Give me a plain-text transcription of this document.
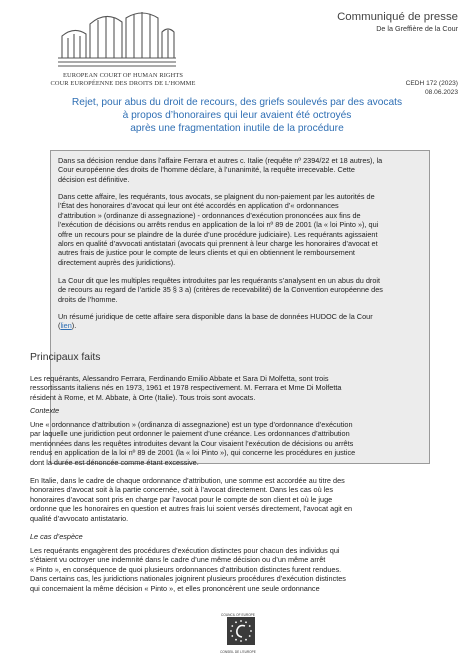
EUROPEAN COURT OF HUMAN RIGHTS
COUR EUROPÉENNE DES DROITS DE L’HOMME
Communiqué de presse
De la Greffière de la Cour
CEDH 172 (2023)
08.06.2023
Rejet, pour abus du droit de recours, des griefs soulevés par des avocats
à propos d’honoraires qui leur avaient été octroyés
après une fragmentation inutile de la procédure
Dans sa décision rendue dans l’affaire Ferrara et autres c. Italie (requête nº 2394/22 et 18 autres), la
Cour européenne des droits de l’homme déclare, à l’unanimité, la requête irrecevable. Cette
décision est définitive.
Dans cette affaire, les requérants, tous avocats, se plaignent du non-paiement par les autorités de
l’État des honoraires d’avocat qui leur ont été accordés en application d’« ordonnances
d’attribution » (ordinanze di assegnazione) - ordonnances d’exécution prononcées aux fins de
l’exécution de décisions ou arrêts rendus en application de la loi nº 89 de 2001 (la « loi Pinto »), qui
offre un recours pour se plaindre de la durée d’une procédure judiciaire). Les requérants agissaient
alors en qualité d’avvocati antistatari (avocats qui prennent à leur charge les honoraires d’avocat et
autres frais de justice pour le compte de leurs clients et qui en obtiennent le remboursement
directement auprès des juridictions).
La Cour dit que les multiples requêtes introduites par les requérants s’analysent en un abus du droit
de recours au regard de l’article 35 § 3 a) (critères de recevabilité) de la Convention européenne des
droits de l’homme.
Un résumé juridique de cette affaire sera disponible dans la base de données HUDOC de la Cour
(lien).
Principaux faits
Les requérants, Alessandro Ferrara, Ferdinando Emilio Abbate et Sara Di Molfetta, sont trois
ressortissants italiens nés en 1973, 1961 et 1978 respectivement. M. Ferrara et Mme Di Molfetta
résident à Rome, et M. Abbate, à Orte (Italie). Tous trois sont avocats.
Contexte
Une « ordonnance d’attribution » (ordinanza di assegnazione) est un type d’ordonnance d’exécution
par laquelle une juridiction peut ordonner le paiement d’une créance. Les ordonnances d’attribution
mentionnées dans les requêtes introduites devant la Cour visaient l’exécution de décisions ou arrêts
rendus en application de la loi nº 89 de 2001 (la « loi Pinto »), qui concerne les procédures en justice
dont la durée est dénoncée comme étant excessive.
En Italie, dans le cadre de chaque ordonnance d’attribution, une somme est accordée au titre des
honoraires d’avocat soit à la partie concernée, soit à l’avocat directement. Dans les cas où les
honoraires d’avocat sont pris en charge par l’avocat pour le compte de son client et où le juge
ordonne que les honoraires en question et autres frais lui soient versés directement, l’avocat agit en
qualité d’avvocato antistatario.
Le cas d’espèce
Les requérants engagèrent des procédures d’exécution distinctes pour chacun des individus qui
s’étaient vu octroyer une indemnité dans le cadre d’une même décision ou d’un même arrêt
« Pinto », en conséquence de quoi plusieurs ordonnances d’attribution distinctes furent rendues.
Dans certains cas, les juridictions nationales joignirent plusieurs procédures d’exécution distinctes
qui concernaient la même décision « Pinto », et elles prononcèrent une seule ordonnance
COUNCIL OF EUROPE
CONSEIL DE L’EUROPE
